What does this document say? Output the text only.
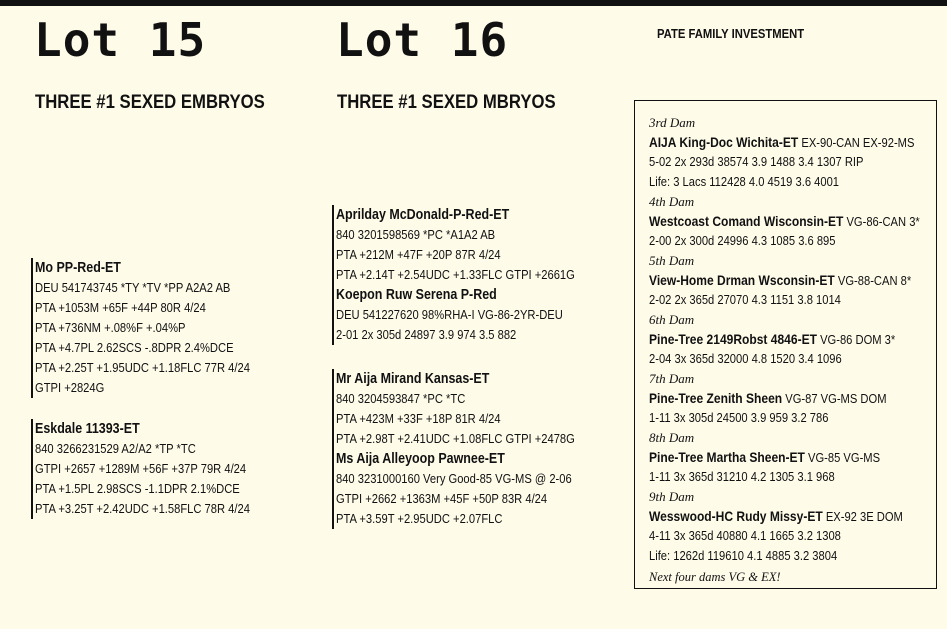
Lot 15
THREE #1 SEXED EMBRYOS
Mo PP-Red-ET
DEU 541743745 *TY *TV *PP A2A2 AB
PTA +1053M +65F +44P 80R 4/24
PTA +736NM +.08%F +.04%P
PTA +4.7PL 2.62SCS -.8DPR 2.4%DCE
PTA +2.25T +1.95UDC +1.18FLC 77R 4/24
GTPI +2824G
Eskdale 11393-ET
840 3266231529 A2/A2 *TP *TC
GTPI +2657 +1289M +56F +37P 79R 4/24
PTA +1.5PL 2.98SCS -1.1DPR 2.1%DCE
PTA +3.25T +2.42UDC +1.58FLC 78R 4/24
Lot 16
THREE #1 SEXED MBRYOS
Aprilday McDonald-P-Red-ET
840 3201598569 *PC *A1A2 AB
PTA +212M +47F +20P 87R 4/24
PTA +2.14T +2.54UDC +1.33FLC GTPI +2661G
Koepon Ruw Serena P-Red
DEU 541227620 98%RHA-I VG-86-2YR-DEU
2-01 2x 305d 24897 3.9 974 3.5 882
Mr Aija Mirand Kansas-ET
840 3204593847 *PC *TC
PTA +423M +33F +18P 81R 4/24
PTA +2.98T +2.41UDC +1.08FLC GTPI +2478G
Ms Aija Alleyoop Pawnee-ET
840 3231000160 Very Good-85 VG-MS @ 2-06
GTPI +2662 +1363M +45F +50P 83R 4/24
PTA +3.59T +2.95UDC +2.07FLC
PATE FAMILY INVESTMENT
3rd Dam
AIJA King-Doc Wichita-ET EX-90-CAN EX-92-MS
5-02 2x 293d 38574 3.9 1488 3.4 1307 RIP
Life: 3 Lacs 112428 4.0 4519 3.6 4001
4th Dam
Westcoast Comand Wisconsin-ET VG-86-CAN 3*
2-00 2x 300d 24996 4.3 1085 3.6 895
5th Dam
View-Home Drman Wsconsin-ET VG-88-CAN 8*
2-02 2x 365d 27070 4.3 1151 3.8 1014
6th Dam
Pine-Tree 2149Robst 4846-ET VG-86 DOM 3*
2-04 3x 365d 32000 4.8 1520 3.4 1096
7th Dam
Pine-Tree Zenith Sheen VG-87 VG-MS DOM
1-11 3x 305d 24500 3.9 959 3.2 786
8th Dam
Pine-Tree Martha Sheen-ET VG-85 VG-MS
1-11 3x 365d 31210 4.2 1305 3.1 968
9th Dam
Wesswood-HC Rudy Missy-ET EX-92 3E DOM
4-11 3x 365d 40880 4.1 1665 3.2 1308
Life: 1262d 119610 4.1 4885 3.2 3804
Next four dams VG & EX!
